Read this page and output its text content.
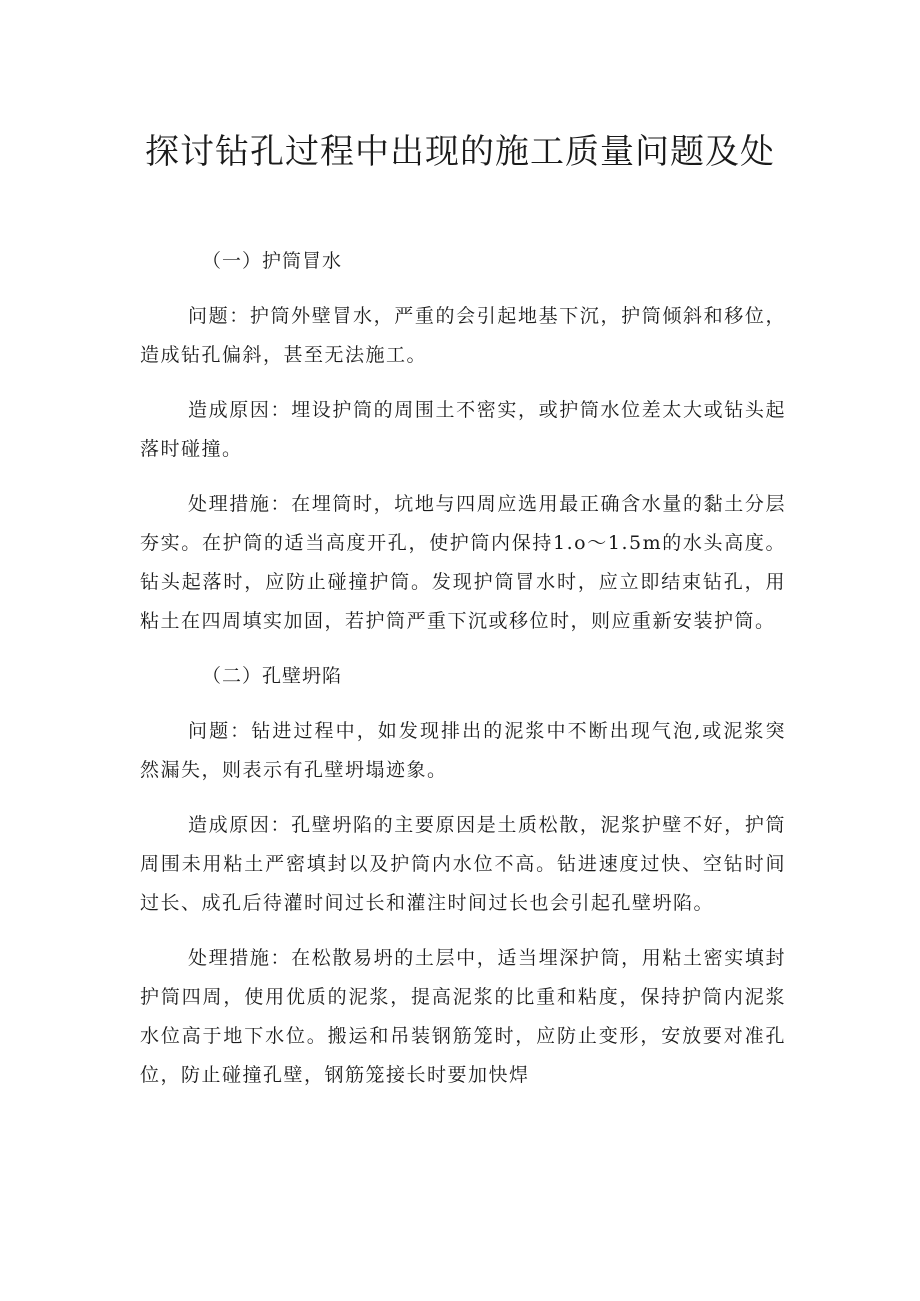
探讨钻孔过程中出现的施工质量问题及处
（一）护筒冒水

问题：护筒外壁冒水，严重的会引起地基下沉，护筒倾斜和移位，造成钻孔偏斜，甚至无法施工。

造成原因：埋设护筒的周围土不密实，或护筒水位差太大或钻头起落时碰撞。

处理措施：在埋筒时，坑地与四周应选用最正确含水量的黏土分层夯实。在护筒的适当高度开孔，使护筒内保持1.o～1.5m的水头高度。钻头起落时，应防止碰撞护筒。发现护筒冒水时，应立即结束钻孔，用粘土在四周填实加固，若护筒严重下沉或移位时，则应重新安装护筒。

（二）孔壁坍陷

问题：钻进过程中，如发现排出的泥浆中不断出现气泡,或泥浆突然漏失，则表示有孔壁坍塌迹象。

造成原因：孔壁坍陷的主要原因是土质松散，泥浆护壁不好，护筒周围未用粘土严密填封以及护筒内水位不高。钻进速度过快、空钻时间过长、成孔后待灌时间过长和灌注时间过长也会引起孔壁坍陷。

处理措施：在松散易坍的土层中，适当埋深护筒，用粘土密实填封护筒四周，使用优质的泥浆，提高泥浆的比重和粘度，保持护筒内泥浆水位高于地下水位。搬运和吊装钢筋笼时，应防止变形，安放要对准孔位，防止碰撞孔壁，钢筋笼接长时要加快焊
